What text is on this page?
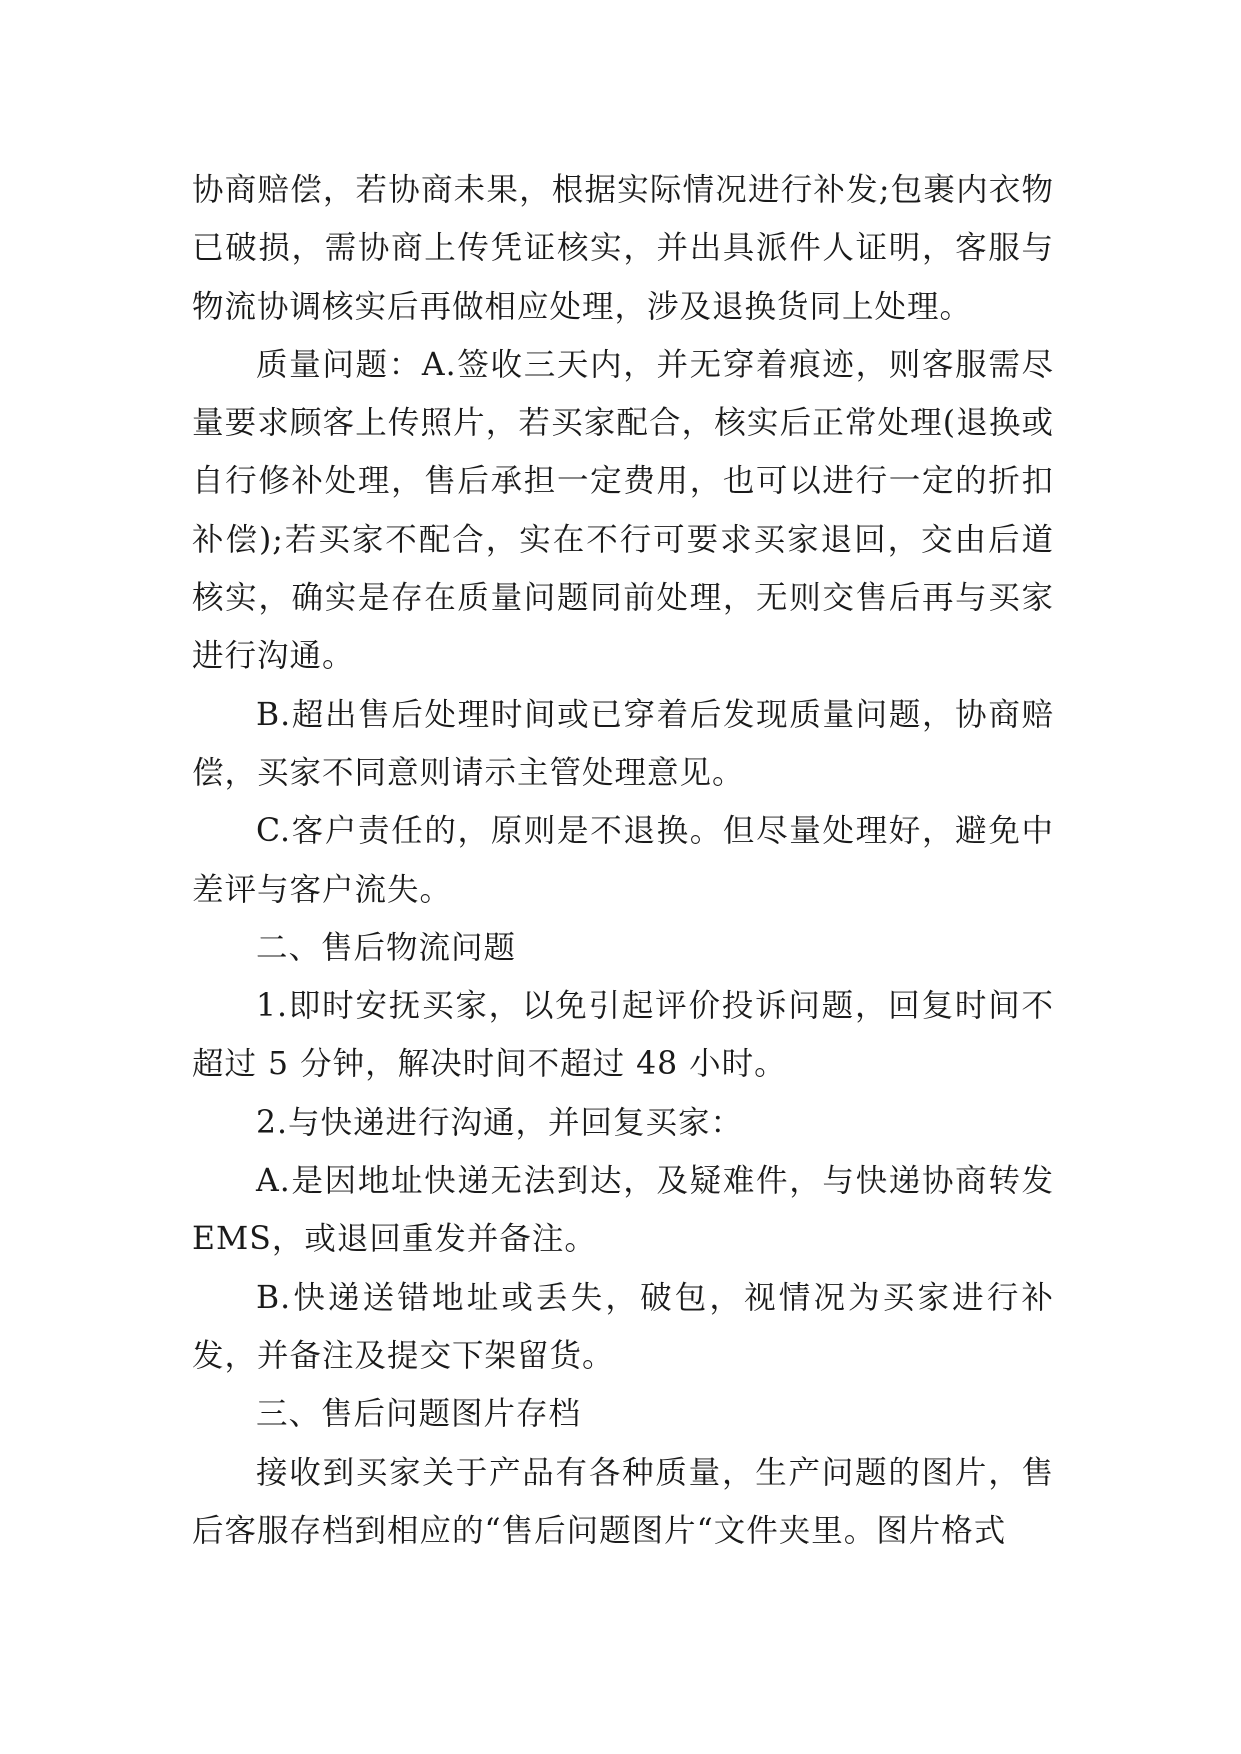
协商赔偿，若协商未果，根据实际情况进行补发;包裹内衣物已破损，需协商上传凭证核实，并出具派件人证明，客服与物流协调核实后再做相应处理，涉及退换货同上处理。

质量问题：A.签收三天内，并无穿着痕迹，则客服需尽量要求顾客上传照片，若买家配合，核实后正常处理(退换或自行修补处理，售后承担一定费用，也可以进行一定的折扣补偿);若买家不配合，实在不行可要求买家退回，交由后道核实，确实是存在质量问题同前处理，无则交售后再与买家进行沟通。

B.超出售后处理时间或已穿着后发现质量问题，协商赔偿，买家不同意则请示主管处理意见。

C.客户责任的，原则是不退换。但尽量处理好，避免中差评与客户流失。

二、售后物流问题

1.即时安抚买家，以免引起评价投诉问题，回复时间不超过 5 分钟，解决时间不超过 48 小时。

2.与快递进行沟通，并回复买家：

A.是因地址快递无法到达，及疑难件，与快递协商转发EMS，或退回重发并备注。

B.快递送错地址或丢失，破包，视情况为买家进行补发，并备注及提交下架留货。

三、售后问题图片存档

接收到买家关于产品有各种质量，生产问题的图片，售后客服存档到相应的“售后问题图片“文件夹里。图片格式
